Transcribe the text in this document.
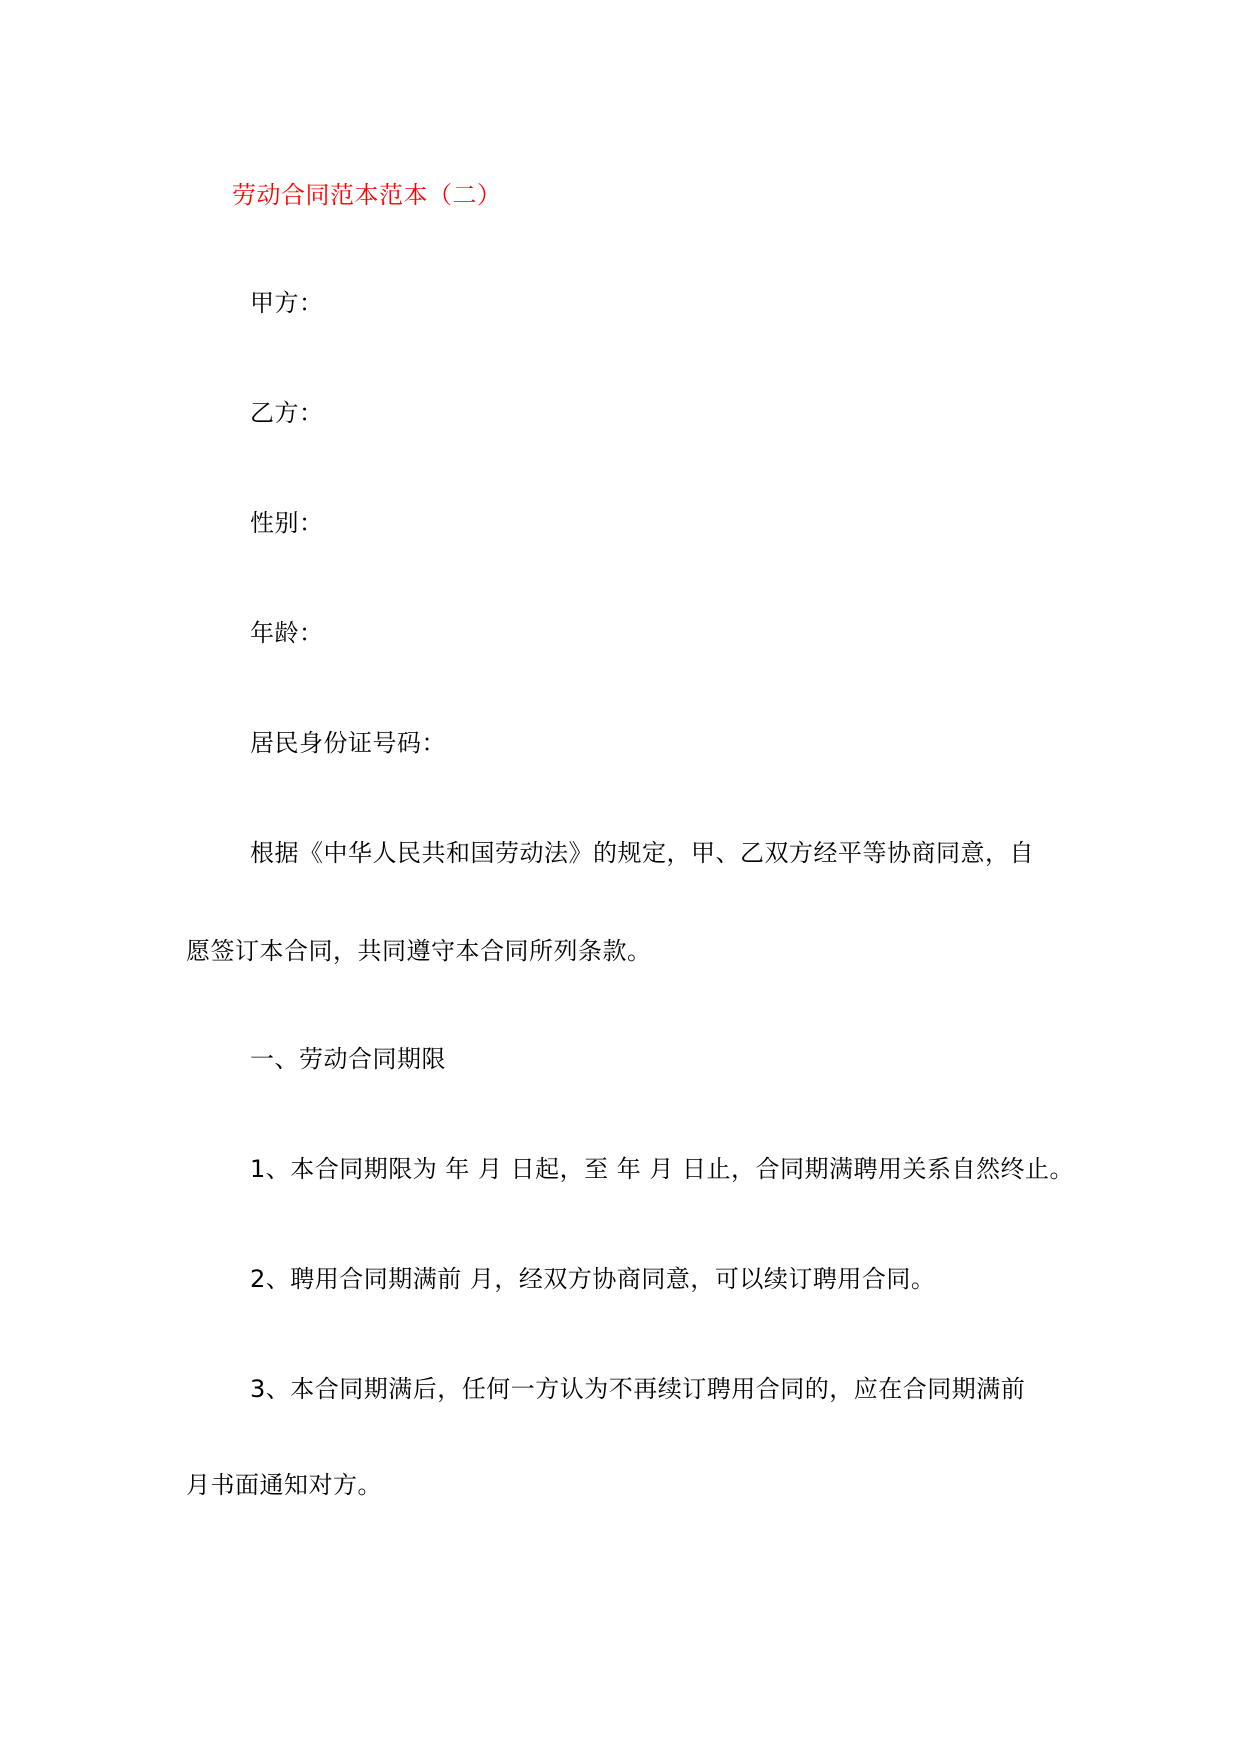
劳动合同范本范本（二）
甲方：
乙方：
性别：
年龄：
居民身份证号码：
根据《中华人民共和国劳动法》的规定，甲、乙双方经平等协商同意，自
愿签订本合同，共同遵守本合同所列条款。
一、劳动合同期限
1、本合同期限为 年 月 日起，至 年 月 日止，合同期满聘用关系自然终止。
2、聘用合同期满前 月，经双方协商同意，可以续订聘用合同。
3、本合同期满后，任何一方认为不再续订聘用合同的，应在合同期满前
月书面通知对方。
